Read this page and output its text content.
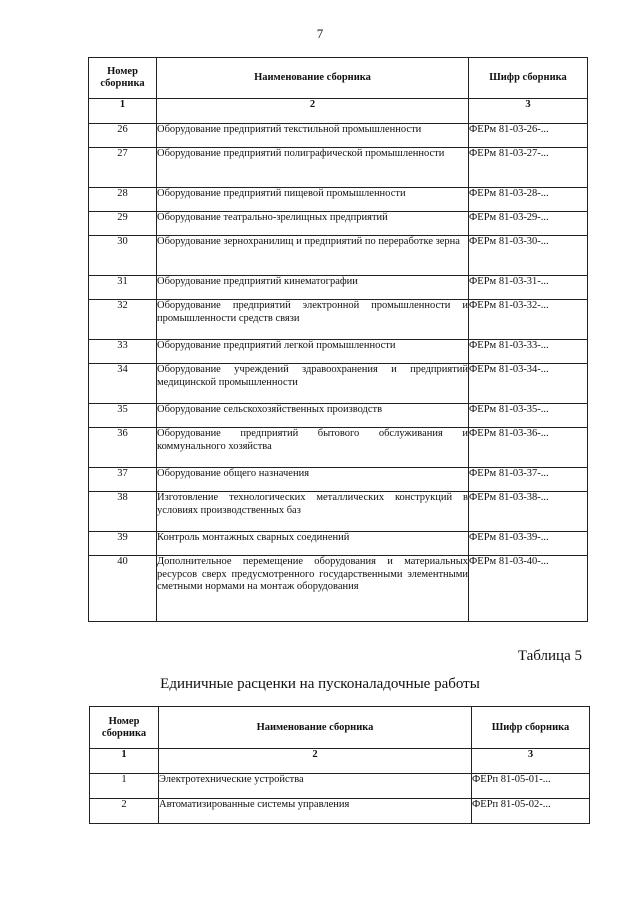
7
Номер сборника	Наименование сборника	Шифр сборника
1	2	3
26	Оборудование предприятий текстильной промышленности	ФЕРм 81-03-26-...
27	Оборудование предприятий полиграфической промышленности	ФЕРм 81-03-27-...
28	Оборудование предприятий пищевой промышленности	ФЕРм 81-03-28-...
29	Оборудование театрально-зрелищных предприятий	ФЕРм 81-03-29-...
30	Оборудование зернохранилищ и предприятий по переработке зерна	ФЕРм 81-03-30-...
31	Оборудование предприятий кинематографии	ФЕРм 81-03-31-...
32	Оборудование предприятий электронной промышленности и промышленности средств связи	ФЕРм 81-03-32-...
33	Оборудование предприятий легкой промышленности	ФЕРм 81-03-33-...
34	Оборудование учреждений здравоохранения и предприятий медицинской промышленности	ФЕРм 81-03-34-...
35	Оборудование сельскохозяйственных производств	ФЕРм 81-03-35-...
36	Оборудование предприятий бытового обслуживания и коммунального хозяйства	ФЕРм 81-03-36-...
37	Оборудование общего назначения	ФЕРм 81-03-37-...
38	Изготовление технологических металлических конструкций в условиях производственных баз	ФЕРм 81-03-38-...
39	Контроль монтажных сварных соединений	ФЕРм 81-03-39-...
40	Дополнительное перемещение оборудования и материальных ресурсов сверх предусмотренного государственными элементными сметными нормами на монтаж оборудования	ФЕРм 81-03-40-...
Таблица 5
Единичные расценки на пусконаладочные работы
Номер сборника	Наименование сборника	Шифр сборника
1	2	3
1	Электротехнические устройства	ФЕРп 81-05-01-...
2	Автоматизированные системы управления	ФЕРп 81-05-02-...
